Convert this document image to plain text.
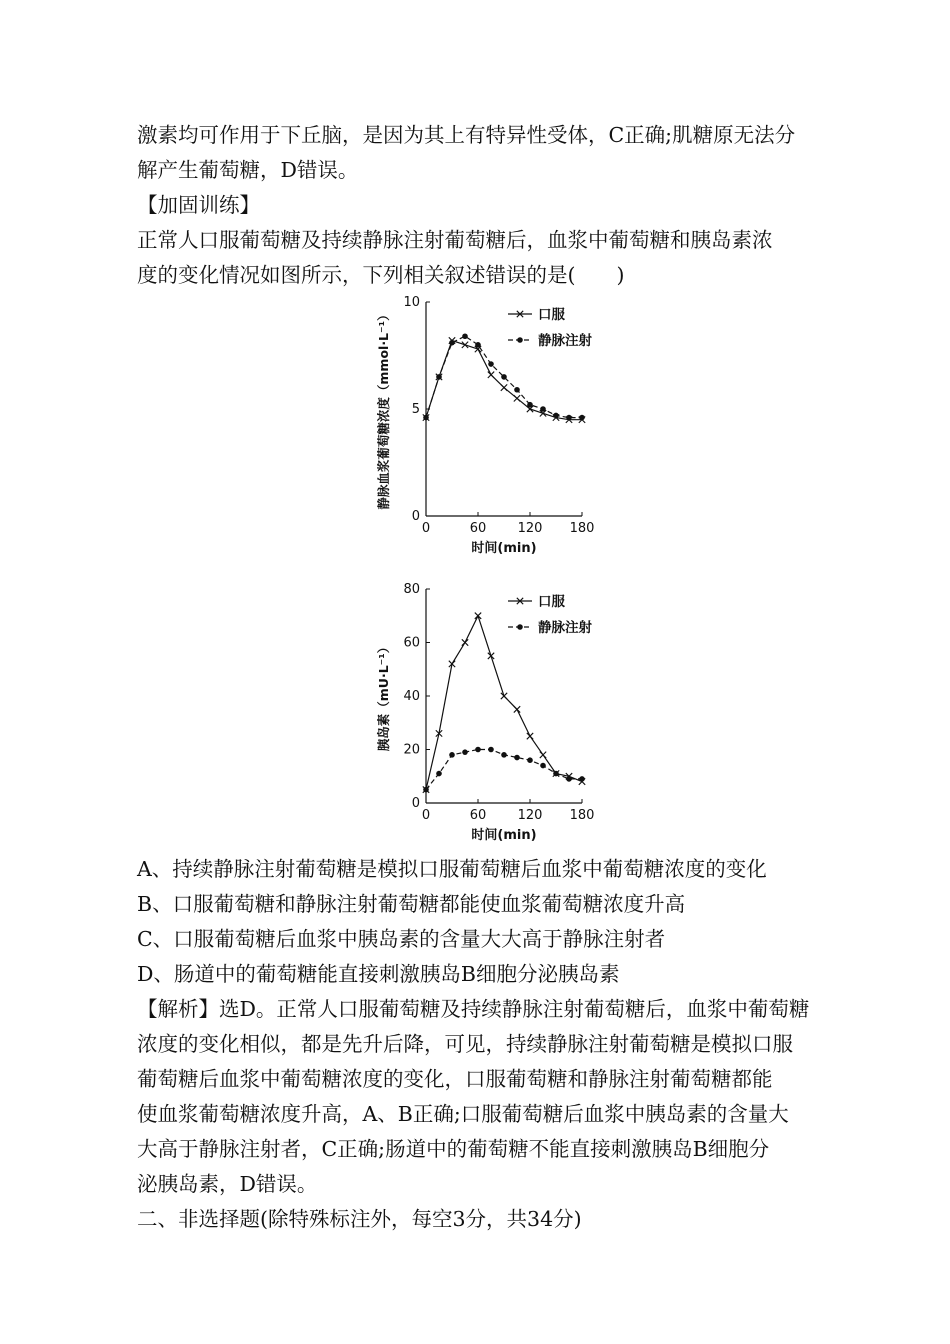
激素均可作用于下丘脑，是因为其上有特异性受体，C正确;肌糖原无法分
解产生葡萄糖，D错误。
【加固训练】
正常人口服葡萄糖及持续静脉注射葡萄糖后，血浆中葡萄糖和胰岛素浓
度的变化情况如图所示，下列相关叙述错误的是(　　)
0
5
10
0	60 120 180
时间(min)
静脉血浆葡萄糖浓度（mmol·L⁻¹）	口服
静脉注射
0
20
40
60
80
0	60 120 180
时间(min)
胰岛素（mU·L⁻¹）
口服
静脉注射
A、持续静脉注射葡萄糖是模拟口服葡萄糖后血浆中葡萄糖浓度的变化
B、口服葡萄糖和静脉注射葡萄糖都能使血浆葡萄糖浓度升高
C、口服葡萄糖后血浆中胰岛素的含量大大高于静脉注射者
D、肠道中的葡萄糖能直接刺激胰岛B细胞分泌胰岛素
【解析】选D。正常人口服葡萄糖及持续静脉注射葡萄糖后，血浆中葡萄糖
浓度的变化相似，都是先升后降，可见，持续静脉注射葡萄糖是模拟口服
葡萄糖后血浆中葡萄糖浓度的变化，口服葡萄糖和静脉注射葡萄糖都能
使血浆葡萄糖浓度升高，A、B正确;口服葡萄糖后血浆中胰岛素的含量大
大高于静脉注射者，C正确;肠道中的葡萄糖不能直接刺激胰岛B细胞分
泌胰岛素，D错误。
二、非选择题(除特殊标注外，每空3分，共34分)
